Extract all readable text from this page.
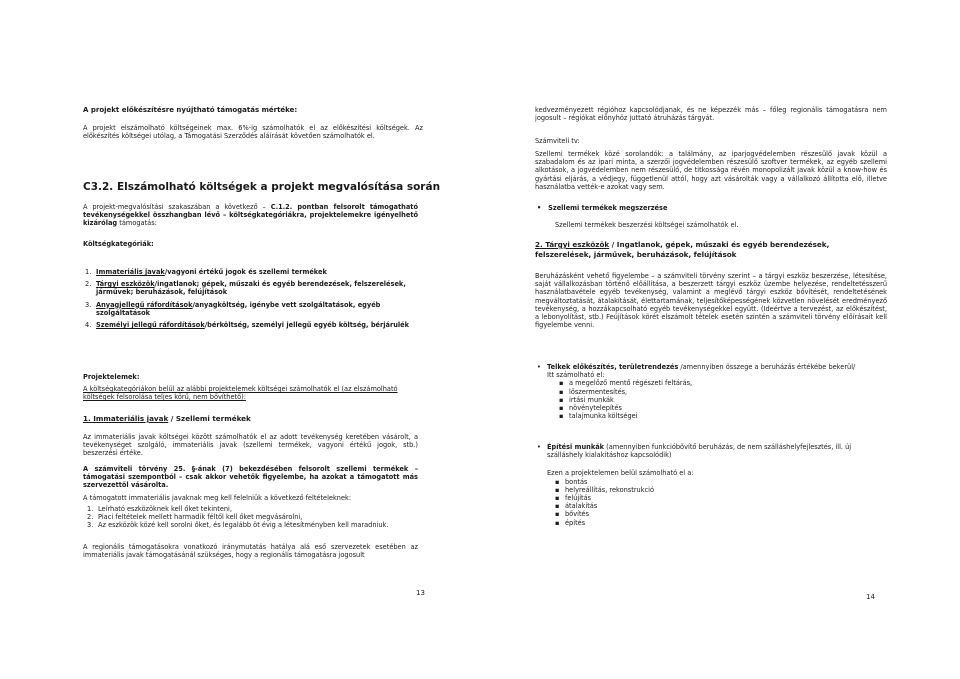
A projekt előkészítésre nyújtható támogatás mértéke:
A projekt elszámolható költségeinek max. 6%-ig számolhatók el az előkészítési költségek. Az előkészítés költségei utólag, a Támogatási Szerződés aláírását követően számolhatók el.
C3.2. Elszámolható költségek a projekt megvalósítása során
A projekt-megvalósítási szakaszában a következő – C.1.2. pontban felsorolt támogatható tevékenységekkel összhangban lévő – költségkategóriákra, projektelemekre igényelhető kizárólag támogatás:
Költségkategóriák:
1. Immateriális javak/vagyoni értékű jogok és szellemi termékek
2. Tárgyi eszközök/ingatlanok; gépek, műszaki és egyéb berendezések, felszerelések, járművek; beruházások, felújítások
3. Anyagjellegű ráfordítások/anyagköltség, igénybe vett szolgáltatások, egyéb szolgáltatások
4. Személyi jellegű ráfordítások/bérköltség, személyi jellegű egyéb költség, bérjárulék
Projektelemek:
A költségkategóriákon belül az alábbi projektelemek költségei számolhatók el (az elszámolható költségek felsorolása teljes körű, nem bővíthető):
1. Immateriális javak / Szellemi termékek
Az immateriális javak költségei között számolhatók el az adott tevékenység keretében vásárolt, a tevékenységet szolgáló, immateriális javak (szellemi termékek, vagyoni értékű jogok, stb.) beszerzési értéke.
A számviteli törvény 25. §-ának (7) bekezdésében felsorolt szellemi termékek – támogatási szempontból – csak akkor vehetők figyelembe, ha azokat a támogatott más szervezettől vásárolta.
A támogatott immateriális javaknak meg kell felelniük a következő feltételeknek:
1. Leírható eszközöknek kell őket tekinteni,
2. Piaci feltételek mellett harmadik féltől kell őket megvásárolni,
3. Az eszközök közé kell sorolni őket, és legalább öt évig a létesítményben kell maradniuk.
A regionális támogatásokra vonatkozó iránymutatás hatálya alá eső szervezetek esetében az immateriális javak támogatásánál szükséges, hogy a regionális támogatásra jogosult
13
kedvezményezett régióhoz kapcsolódjanak, és ne képezzék más – főleg regionális támogatásra nem jogosult – régiókat előnyhöz juttató átruházás tárgyát.
Számviteli tv:
Szellemi termékek közé sorolandók: a találmány, az iparjogvédelemben részesülő javak közül a szabadalom és az ipari minta, a szerzői jogvédelemben részesülő szoftver termékek, az egyéb szellemi alkotások, a jogvédelemben nem részesülő, de titkossága révén monopolizált javak közül a know-how és gyártási eljárás, a védjegy, függetlenül attól, hogy azt vásárolták vagy a vállalkozó állította elő, illetve használatba vették-e azokat vagy sem.
• Szellemi termékek megszerzése
Szellemi termékek beszerzési költségei számolhatók el.
2. Tárgyi eszközök / Ingatlanok, gépek, műszaki és egyéb berendezések, felszerelések, járművek, beruházások, felújítások
Beruházásként vehető figyelembe – a számviteli törvény szerint – a tárgyi eszköz beszerzése, létesítése, saját vállalkozásban történő előállítása, a beszerzett tárgyi eszköz üzembe helyezése, rendeltetésszerű használatbavétele egyéb tevékenység, valamint a meglévő tárgyi eszköz bővítését, rendeltetésének megváltoztatását, átalakítását, élettartamának, teljesítőképességének közvetlen növelését eredményező tevékenység, a hozzákapcsolható egyéb tevékenységekkel együtt. (Ideértve a tervezést, az előkészítést, a lebonyolítást, stb.) Feújítások körét elszámolt tételek esetén szintén a számviteli törvény előírásait kell figyelembe venni.
• Telkek előkészítés, területrendezés /amennyiben összege a beruházás értékébe bekerül/
Itt számolható el:
▪ a megelőző mentő régészeti feltárás,
▪ lőszermentesítés,
▪ irtási munkák
▪ növénytelepítés
▪ talajmunka költségei
• Építési munkák (amennyiben funkcióbővítő beruházás, de nem szálláshelyfejlesztés, ill. új szálláshely kialakításhoz kapcsolódik)
Ezen a projektelemen belül számolható el a:
▪ bontás
▪ helyreállítás, rekonstrukció
▪ felújítás
▪ átalakítás
▪ bővítés
▪ építés
14
